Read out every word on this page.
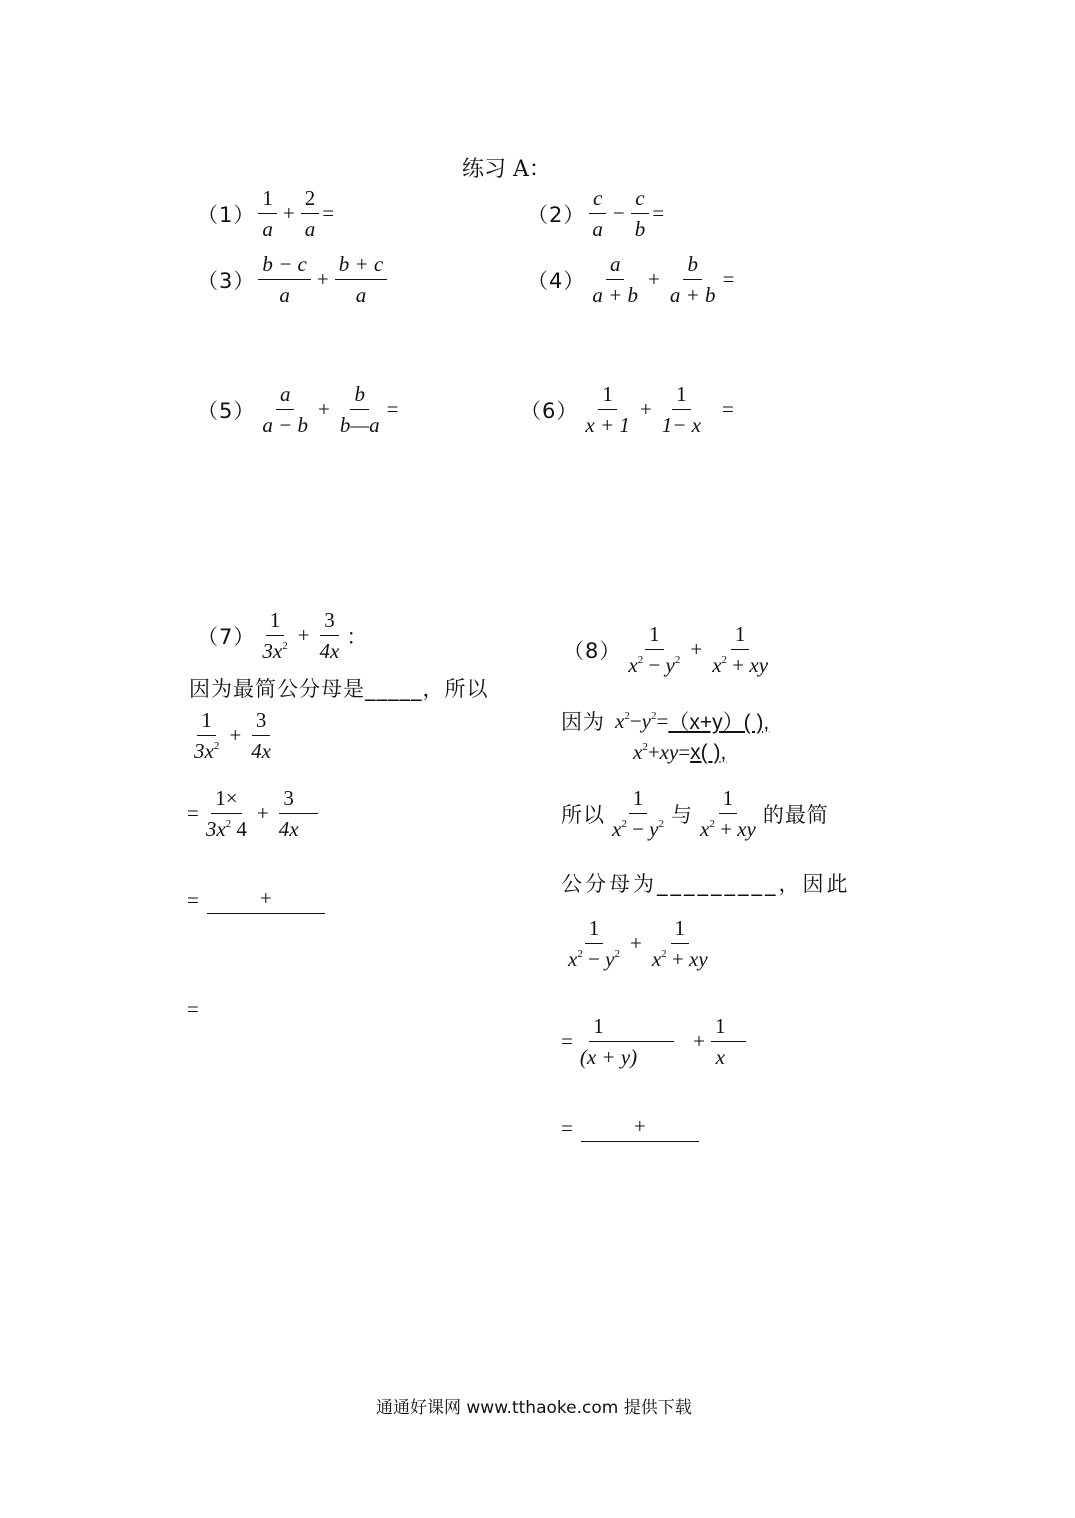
练习 A：
$(1) \frac{1}{a} + \frac{2}{a}$ =	$(2) \frac{c}{a} - \frac{c}{b}$ =
$(3) \frac{b - c}{a} + \frac{b + c}{a}$	$(4) \frac{a}{a + b} + \frac{b}{a + b}$ =
$(5) \frac{a}{a - b} + \frac{b}{b—a}$ =	$(6) \frac{1}{x + 1} + \frac{1}{1- x}$ =
$(7) \frac{1}{3x^2} + \frac{3}{4x}$ ：
因为最简公分母是_____，所以
$\frac{1}{3x^2} + \frac{3}{4x}$
= $\frac{1\times}{3x^2 4} + \frac{3}{4x}$
=	+
=
$(8) \frac{1}{x^2 - y^2} + \frac{1}{x^2 + xy}$
因为 $x^2-y^2 = (x+y)$( ),
$x^2+xy = x$( ),
所以 $\frac{1}{x^2 - y^2}$ 与 $\frac{1}{x^2 + xy}$ 的最简
公分母为_________，因此
$\frac{1}{x^2 - y^2} + \frac{1}{x^2 + xy}$
= $\frac{1}{(x + y)} + \frac{1}{x}$
=	+
通通好课网 www.tthaoke.com 提供下载
